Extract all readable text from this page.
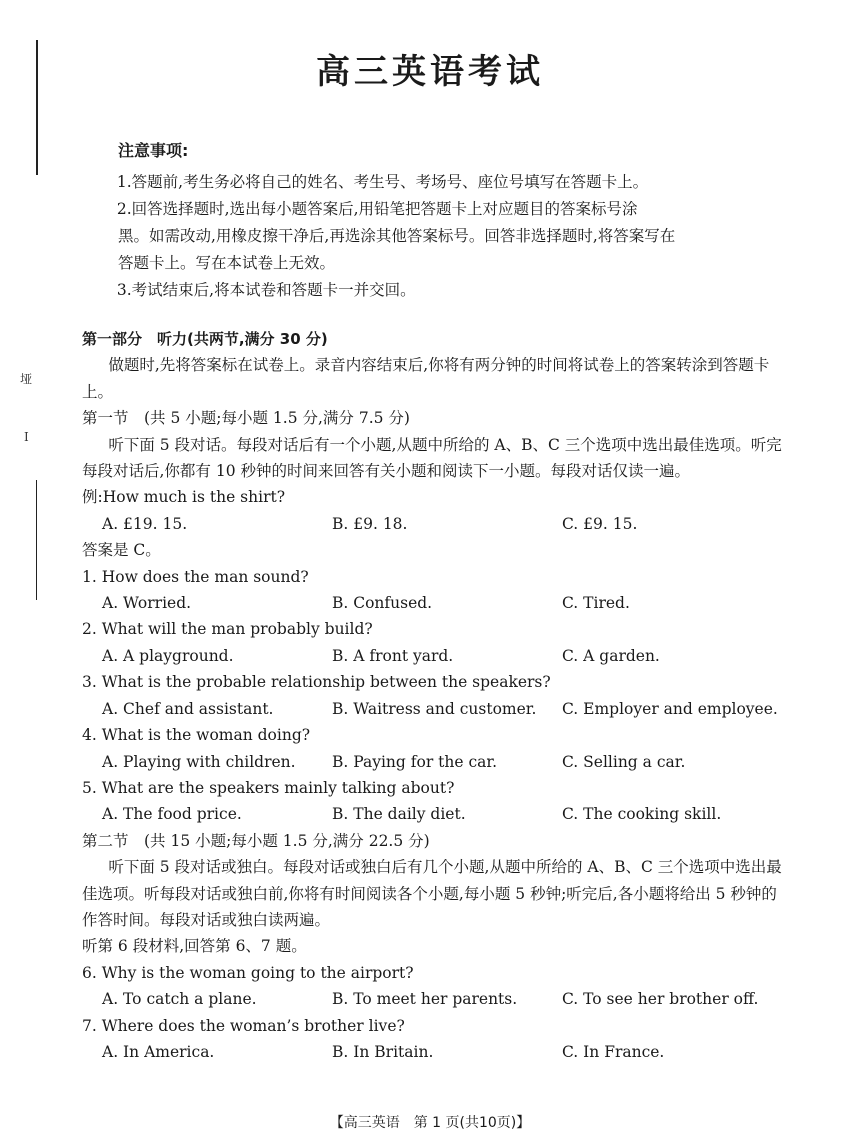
垭
I
高三英语考试
注意事项:

1.答题前,考生务必将自己的姓名、考生号、考场号、座位号填写在答题卡上。

2.回答选择题时,选出每小题答案后,用铅笔把答题卡上对应题目的答案标号涂

黑。如需改动,用橡皮擦干净后,再选涂其他答案标号。回答非选择题时,将答案写在

答题卡上。写在本试卷上无效。

3.考试结束后,将本试卷和答题卡一并交回。

第一部分　听力(共两节,满分 30 分)

做题时,先将答案标在试卷上。录音内容结束后,你将有两分钟的时间将试卷上的答案转涂到答题卡上。

第一节　(共 5 小题;每小题 1.5 分,满分 7.5 分)

听下面 5 段对话。每段对话后有一个小题,从题中所给的 A、B、C 三个选项中选出最佳选项。听完每段对话后,你都有 10 秒钟的时间来回答有关小题和阅读下一小题。每段对话仅读一遍。

例:How much is the shirt?
A. £19. 15.	B. £9. 18.	C. £9. 15.
答案是 C。
1. How does the man sound?
A. Worried.	B. Confused.	C. Tired.
2. What will the man probably build?
A. A playground.	B. A front yard.	C. A garden.
3. What is the probable relationship between the speakers?
A. Chef and assistant.	B. Waitress and customer.	C. Employer and employee.
4. What is the woman doing?
A. Playing with children.	B. Paying for the car.	C. Selling a car.
5. What are the speakers mainly talking about?
A. The food price.	B. The daily diet.	C. The cooking skill.
第二节　(共 15 小题;每小题 1.5 分,满分 22.5 分)

听下面 5 段对话或独白。每段对话或独白后有几个小题,从题中所给的 A、B、C 三个选项中选出最佳选项。听每段对话或独白前,你将有时间阅读各个小题,每小题 5 秒钟;听完后,各小题将给出 5 秒钟的作答时间。每段对话或独白读两遍。

听第 6 段材料,回答第 6、7 题。
6. Why is the woman going to the airport?
A. To catch a plane.	B. To meet her parents.	C. To see her brother off.
7. Where does the woman’s brother live?
A. In America.	B. In Britain.	C. In France.
【高三英语　第 1 页(共10页)】
